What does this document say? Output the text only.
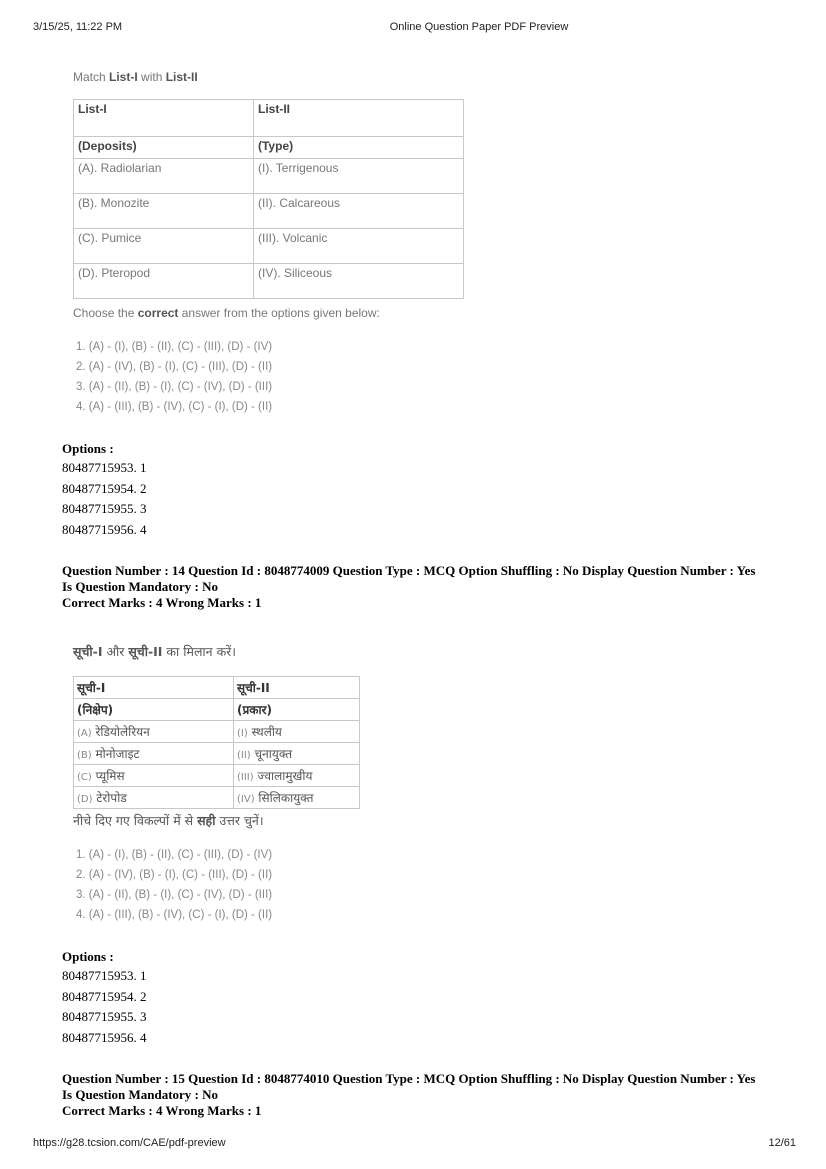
3/15/25, 11:22 PM	Online Question Paper PDF Preview
Match List-I with List-II
List-I	List-II
(Deposits)	(Type)
(A). Radiolarian	(I). Terrigenous
(B). Monozite	(II). Calcareous
(C). Pumice	(III). Volcanic
(D). Pteropod	(IV). Siliceous
Choose the correct answer from the options given below:
1. (A) - (I), (B) - (II), (C) - (III), (D) - (IV)
2. (A) - (IV), (B) - (I), (C) - (III), (D) - (II)
3. (A) - (II), (B) - (I), (C) - (IV), (D) - (III)
4. (A) - (III), (B) - (IV), (C) - (I), (D) - (II)
Options :
80487715953. 1
80487715954. 2
80487715955. 3
80487715956. 4
Question Number : 14 Question Id : 8048774009 Question Type : MCQ Option Shuffling : No Display Question Number : Yes
Is Question Mandatory : No
Correct Marks : 4 Wrong Marks : 1
सूची-I और सूची-II का मिलान करें।
सूची-I	सूची-II
(निक्षेप)	(प्रकार)
(A) रेडियोलेरियन	(I) स्थलीय
(B) मोनोजाइट	(II) चूनायुक्त
(C) प्यूमिस	(III) ज्वालामुखीय
(D) टेरोपोड	(IV) सिलिकायुक्त
नीचे दिए गए विकल्पों में से सही उत्तर चुनें।
1. (A) - (I), (B) - (II), (C) - (III), (D) - (IV)
2. (A) - (IV), (B) - (I), (C) - (III), (D) - (II)
3. (A) - (II), (B) - (I), (C) - (IV), (D) - (III)
4. (A) - (III), (B) - (IV), (C) - (I), (D) - (II)
Options :
80487715953. 1
80487715954. 2
80487715955. 3
80487715956. 4
Question Number : 15 Question Id : 8048774010 Question Type : MCQ Option Shuffling : No Display Question Number : Yes
Is Question Mandatory : No
Correct Marks : 4 Wrong Marks : 1
https://g28.tcsion.com/CAE/pdf-preview	12/61
